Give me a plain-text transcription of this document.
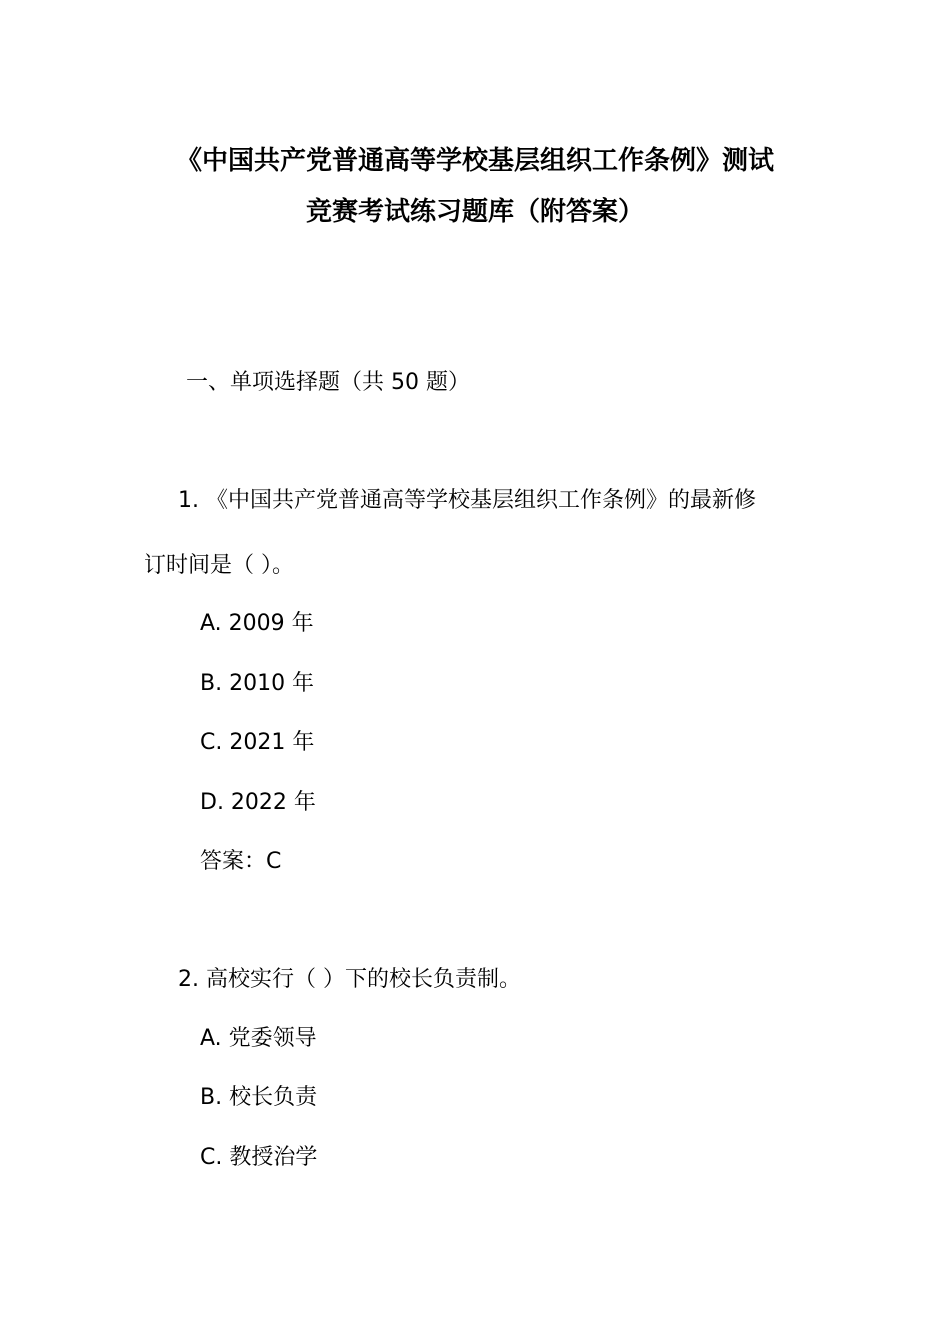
《中国共产党普通高等学校基层组织工作条例》测试
竞赛考试练习题库（附答案）
一、单项选择题（共 50 题）
1. 《中国共产党普通高等学校基层组织工作条例》的最新修
订时间是（ ）。
A. 2009 年
B. 2010 年
C. 2021 年
D. 2022 年
答案：C
2. 高校实行（ ）下的校长负责制。
A. 党委领导
B. 校长负责
C. 教授治学
